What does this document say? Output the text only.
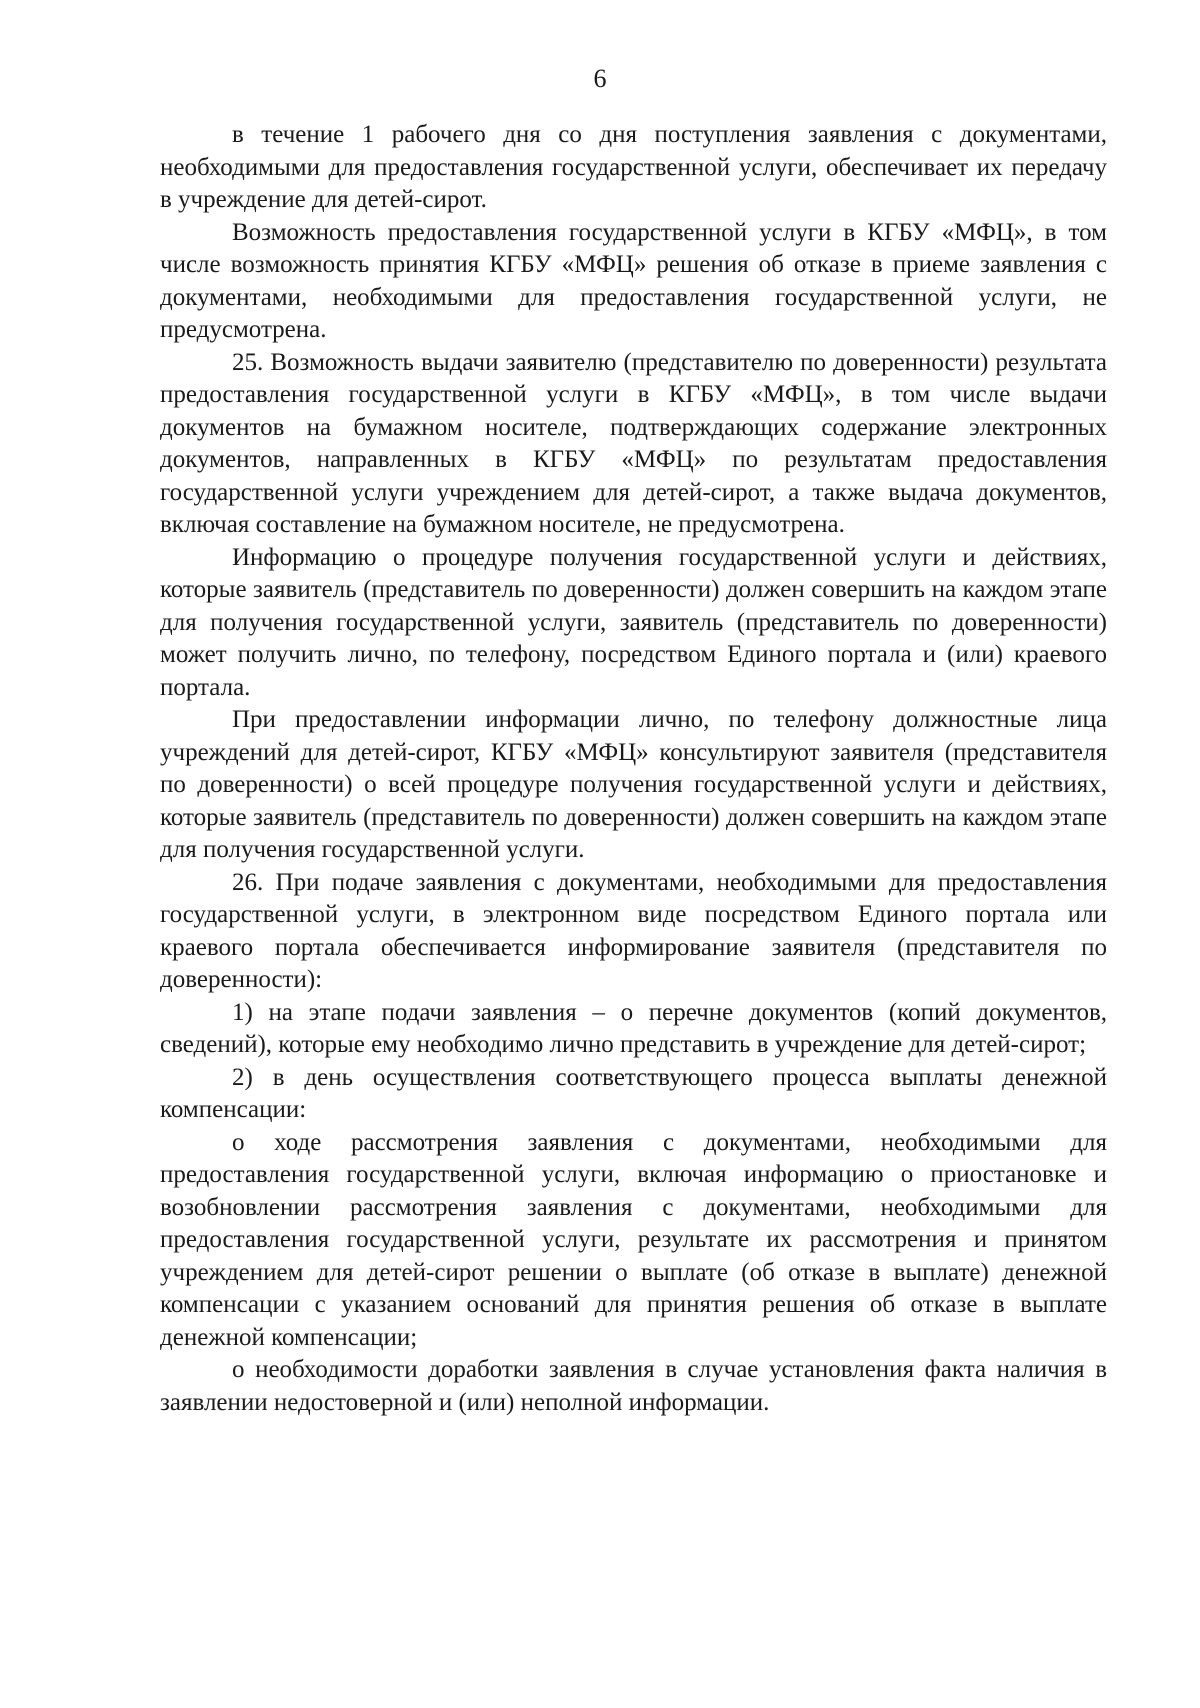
6

в течение 1 рабочего дня со дня поступления заявления с документами, необходимыми для предоставления государственной услуги, обеспечивает их передачу в учреждение для детей-сирот.

Возможность предоставления государственной услуги в КГБУ «МФЦ», в том числе возможность принятия КГБУ «МФЦ» решения об отказе в приеме заявления с документами, необходимыми для предоставления государственной услуги, не предусмотрена.

25. Возможность выдачи заявителю (представителю по доверенности) результата предоставления государственной услуги в КГБУ «МФЦ», в том числе выдачи документов на бумажном носителе, подтверждающих содержание электронных документов, направленных в КГБУ «МФЦ» по результатам предоставления государственной услуги учреждением для детей-сирот, а также выдача документов, включая составление на бумажном носителе, не предусмотрена.

Информацию о процедуре получения государственной услуги и действиях, которые заявитель (представитель по доверенности) должен совершить на каждом этапе для получения государственной услуги, заявитель (представитель по доверенности) может получить лично, по телефону, посредством Единого портала и (или) краевого портала.

При предоставлении информации лично, по телефону должностные лица учреждений для детей-сирот, КГБУ «МФЦ» консультируют заявителя (представителя по доверенности) о всей процедуре получения государственной услуги и действиях, которые заявитель (представитель по доверенности) должен совершить на каждом этапе для получения государственной услуги.

26. При подаче заявления с документами, необходимыми для предоставления государственной услуги, в электронном виде посредством Единого портала или краевого портала обеспечивается информирование заявителя (представителя по доверенности):

1) на этапе подачи заявления – о перечне документов (копий документов, сведений), которые ему необходимо лично представить в учреждение для детей-сирот;

2) в день осуществления соответствующего процесса выплаты денежной компенсации:

о ходе рассмотрения заявления с документами, необходимыми для предоставления государственной услуги, включая информацию о приостановке и возобновлении рассмотрения заявления с документами, необходимыми для предоставления государственной услуги, результате их рассмотрения и принятом учреждением для детей-сирот решении о выплате (об отказе в выплате) денежной компенсации с указанием оснований для принятия решения об отказе в выплате денежной компенсации;

о необходимости доработки заявления в случае установления факта наличия в заявлении недостоверной и (или) неполной информации.
